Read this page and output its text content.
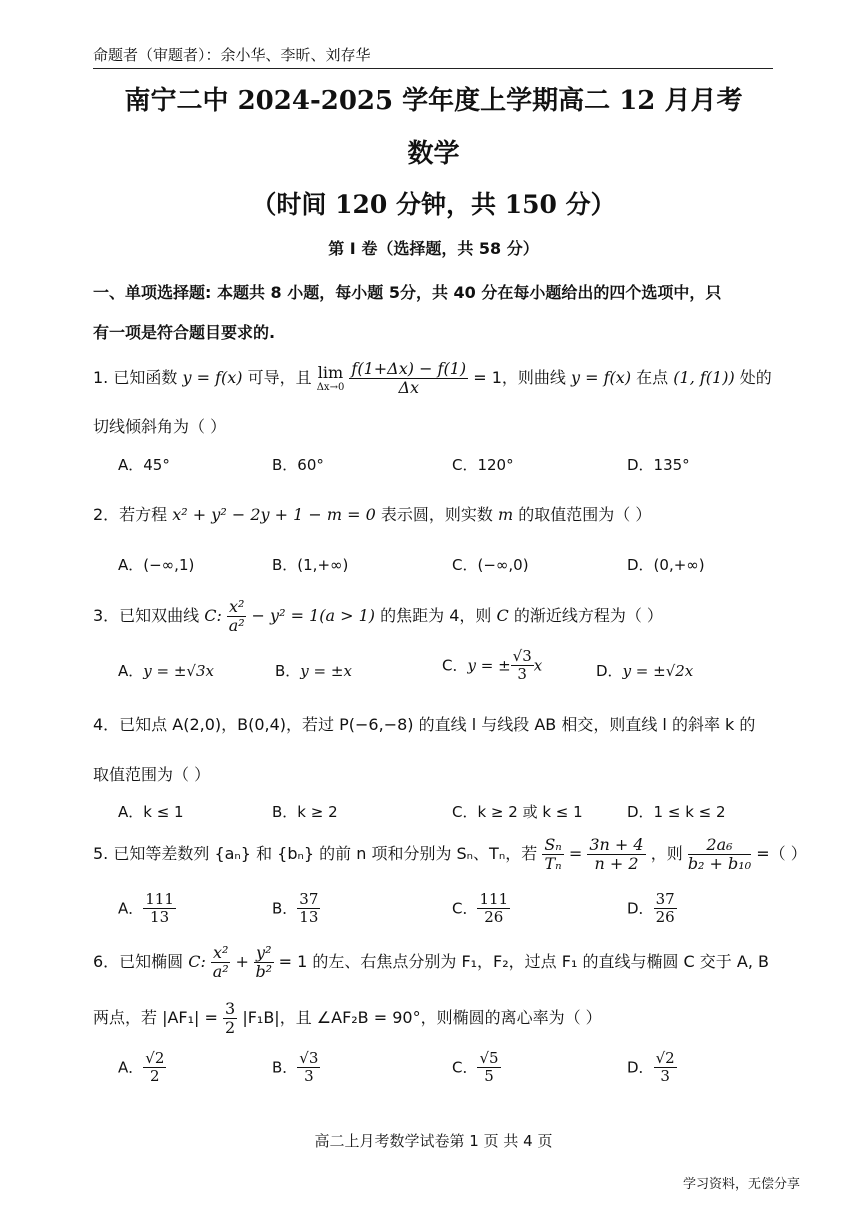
命题者（审题者）：余小华、李昕、刘存华
南宁二中 2024-2025 学年度上学期高二 12 月月考
数学
（时间 120 分钟，共 150 分）
第 I 卷（选择题，共 58 分）
一、单项选择题: 本题共 8 小题，每小题 5分，共 40 分在每小题给出的四个选项中，只
有一项是符合题目要求的.
1. 已知函数 y = f(x) 可导，且 lim
Δx→0
$\frac{f(1+\Delta x) - f(1)}{\Delta x} = 1$，则曲线 y = f(x) 在点 (1, f(1)) 处的
切线倾斜角为（ ）
A．45°	B．60°	C．120°	D．135°
2．若方程 x² + y² − 2y + 1 − m = 0 表示圆，则实数 m 的取值范围为（ ）
A．(−∞,1)	B．(1,+∞)	C．(−∞,0)	D．(0,+∞)
3．已知双曲线 C: $\frac{\text{x²}}{\text{a²}} - y^2 = 1(a > 1)$ 的焦距为 4，则 C 的渐近线方程为（ ）
A．y = ±√3x	B．y = ±x	C．y = ± $\frac{√3}{3}$ x	D．y = ±√2x
4．已知点 A(2,0)，B(0,4)，若过 P(−6,−8) 的直线 l 与线段 AB 相交，则直线 l 的斜率 k 的
取值范围为（ ）
A．k ≤ 1	B．k ≥ 2	C．k ≥ 2 或 k ≤ 1	D．1 ≤ k ≤ 2
5. 已知等差数列 {aₙ} 和 {bₙ} 的前 n 项和分别为 Sₙ、Tₙ，若 $\frac{\text{Sₙ}}{\text{Tₙ}} = \frac{3n + 4}{n + 2}$ ，则 $\frac{\text{2a₆}}{\text{b₂ + b₁₀}}$ =（ ）
A． $\frac{111}{13}$	B． $\frac{37}{13}$	C． $\frac{111}{26}$	D． $\frac{37}{26}$
6．已知椭圆 C: $\frac{\text{x²}}{\text{a²}} + \frac{\text{y²}}{\text{b²}} = 1$ 的左、右焦点分别为 F₁，F₂，过点 F₁ 的直线与椭圆 C 交于 A, B
两点，若 $|AF_1| = \frac{3}{2} |F_1B|$，且 ∠AF₂B = 90°，则椭圆的离心率为（ ）
A． $\frac{√2}{2}$	B． $\frac{√3}{3}$	C． $\frac{√5}{5}$	D． $\frac{√2}{3}$
高二上月考数学试卷第 1 页 共 4 页
学习资料，无偿分享
